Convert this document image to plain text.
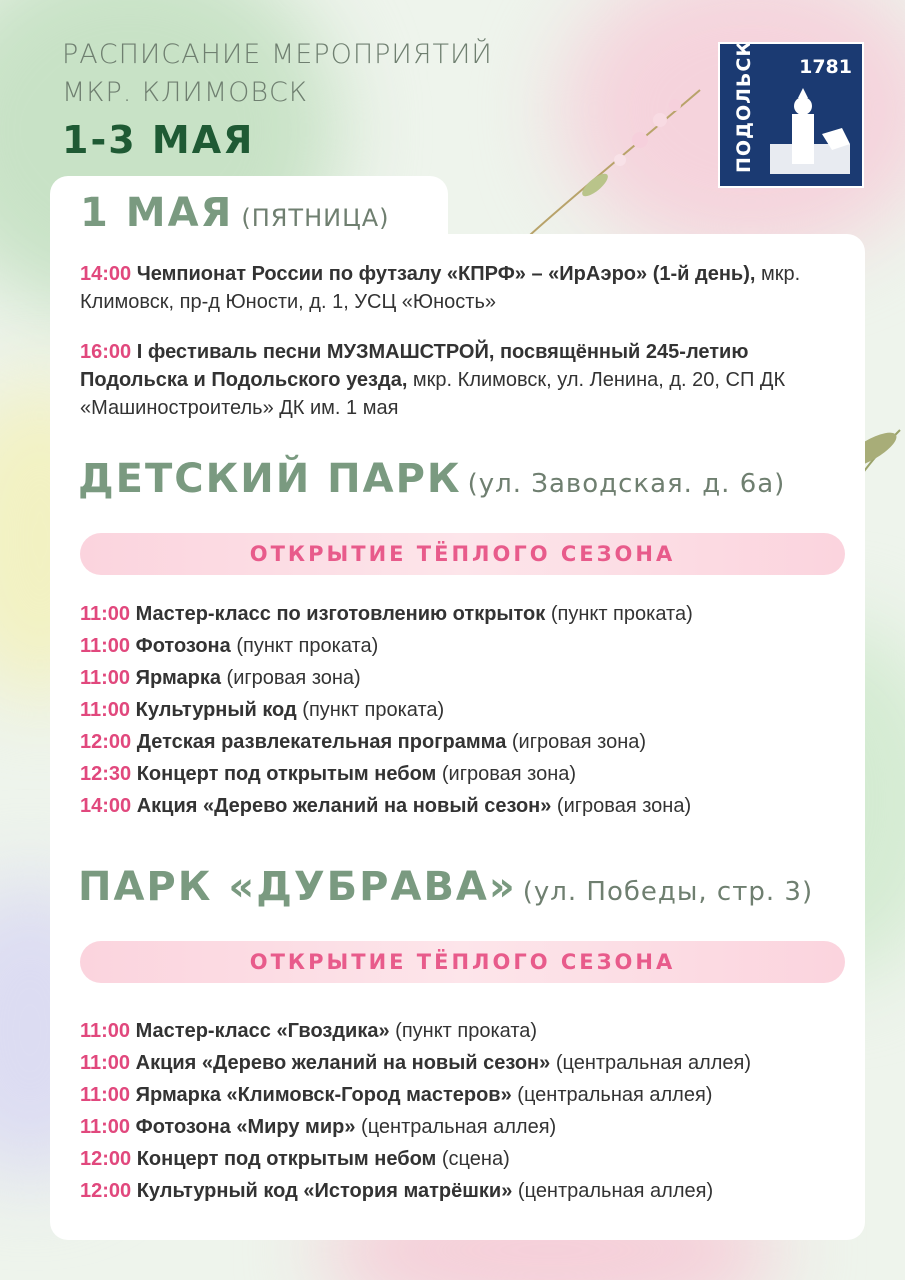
РАСПИСАНИЕ МЕРОПРИЯТИЙ
МКР. КЛИМОВСК
1-3 МАЯ
1781
ПОДОЛЬСК
1 МАЯ (ПЯТНИЦА)
14:00 Чемпионат России по футзалу «КПРФ» – «ИрАэро» (1-й день), мкр. Климовск, пр-д Юности, д. 1, УСЦ «Юность»
16:00 I фестиваль песни МУЗМАШСТРОЙ, посвящённый 245-летию Подольска и Подольского уезда, мкр. Климовск, ул. Ленина, д. 20, СП ДК «Машиностроитель» ДК им. 1 мая
ДЕТСКИЙ ПАРК (ул. Заводская. д. 6а)
ОТКРЫТИЕ ТЁПЛОГО СЕЗОНА
11:00 Мастер-класс по изготовлению открыток (пункт проката)
11:00 Фотозона (пункт проката)
11:00 Ярмарка (игровая зона)
11:00 Культурный код (пункт проката)
12:00 Детская развлекательная программа (игровая зона)
12:30 Концерт под открытым небом (игровая зона)
14:00 Акция «Дерево желаний на новый сезон» (игровая зона)
ПАРК «ДУБРАВА» (ул. Победы, стр. 3)
ОТКРЫТИЕ ТЁПЛОГО СЕЗОНА
11:00 Мастер-класс «Гвоздика» (пункт проката)
11:00 Акция «Дерево желаний на новый сезон» (центральная аллея)
11:00 Ярмарка «Климовск-Город мастеров» (центральная аллея)
11:00 Фотозона «Миру мир» (центральная аллея)
12:00 Концерт под открытым небом (сцена)
12:00 Культурный код «История матрёшки» (центральная аллея)
